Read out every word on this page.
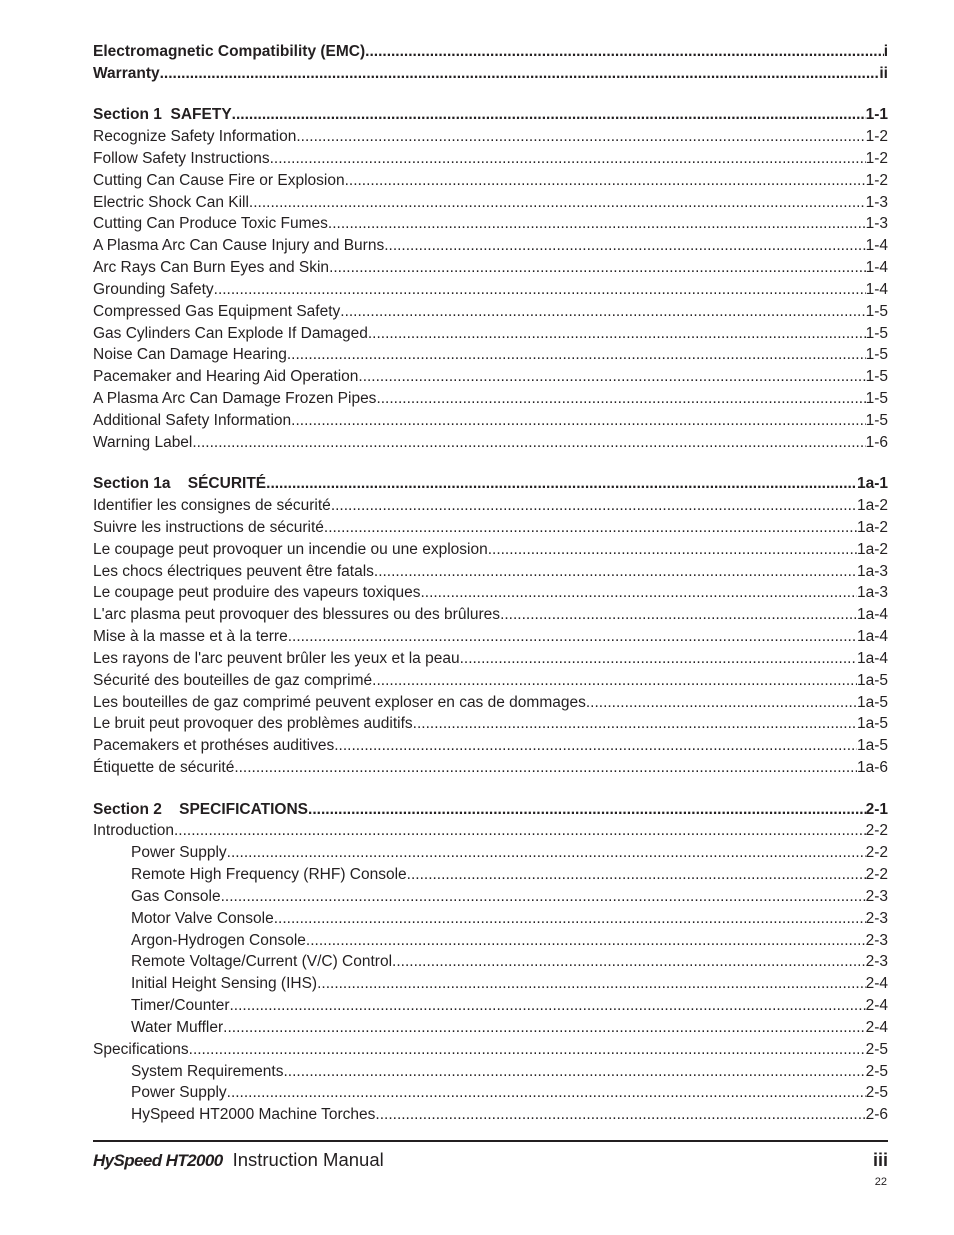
Electromagnetic Compatibility (EMC) .....	i
Warranty .....	ii
Section 1  SAFETY .....	1-1
Recognize Safety Information .....	1-2
Follow Safety Instructions .....	1-2
Cutting Can Cause Fire or Explosion .....	1-2
Electric Shock Can Kill .....	1-3
Cutting Can Produce Toxic Fumes .....	1-3
A Plasma Arc Can Cause Injury and Burns .....	1-4
Arc Rays Can Burn Eyes and Skin .....	1-4
Grounding Safety .....	1-4
Compressed Gas Equipment Safety .....	1-5
Gas Cylinders Can Explode If Damaged .....	1-5
Noise Can Damage Hearing .....	1-5
Pacemaker and Hearing Aid Operation .....	1-5
A Plasma Arc Can Damage Frozen Pipes .....	1-5
Additional Safety Information .....	1-5
Warning Label .....	1-6
Section 1a    SÉCURITÉ .....	1a-1
Identifier les consignes de sécurité .....	1a-2
Suivre les instructions de sécurité .....	1a-2
Le coupage peut provoquer un incendie ou une explosion .....	1a-2
Les chocs électriques peuvent être fatals .....	1a-3
Le coupage peut produire des vapeurs toxiques .....	1a-3
L'arc plasma peut provoquer des blessures ou des brûlures .....	1a-4
Mise à la masse et à la terre .....	1a-4
Les rayons de l'arc peuvent brûler les yeux et la peau .....	1a-4
Sécurité des bouteilles de gaz comprimé .....	1a-5
Les bouteilles de gaz comprimé peuvent exploser en cas de dommages .....	1a-5
Le bruit peut provoquer des problèmes auditifs .....	1a-5
Pacemakers et prothéses auditives .....	1a-5
Étiquette de sécurité .....	1a-6
Section 2    SPECIFICATIONS .....	2-1
Introduction .....	2-2
Power Supply .....	2-2
Remote High Frequency (RHF) Console .....	2-2
Gas Console .....	2-3
Motor Valve Console .....	2-3
Argon-Hydrogen Console .....	2-3
Remote Voltage/Current (V/C) Control .....	2-3
Initial Height Sensing (IHS) .....	2-4
Timer/Counter .....	2-4
Water Muffler .....	2-4
Specifications .....	2-5
System Requirements .....	2-5
Power Supply .....	2-5
HySpeed HT2000 Machine Torches .....	2-6
HySpeed HT2000 Instruction Manual	iii
22
